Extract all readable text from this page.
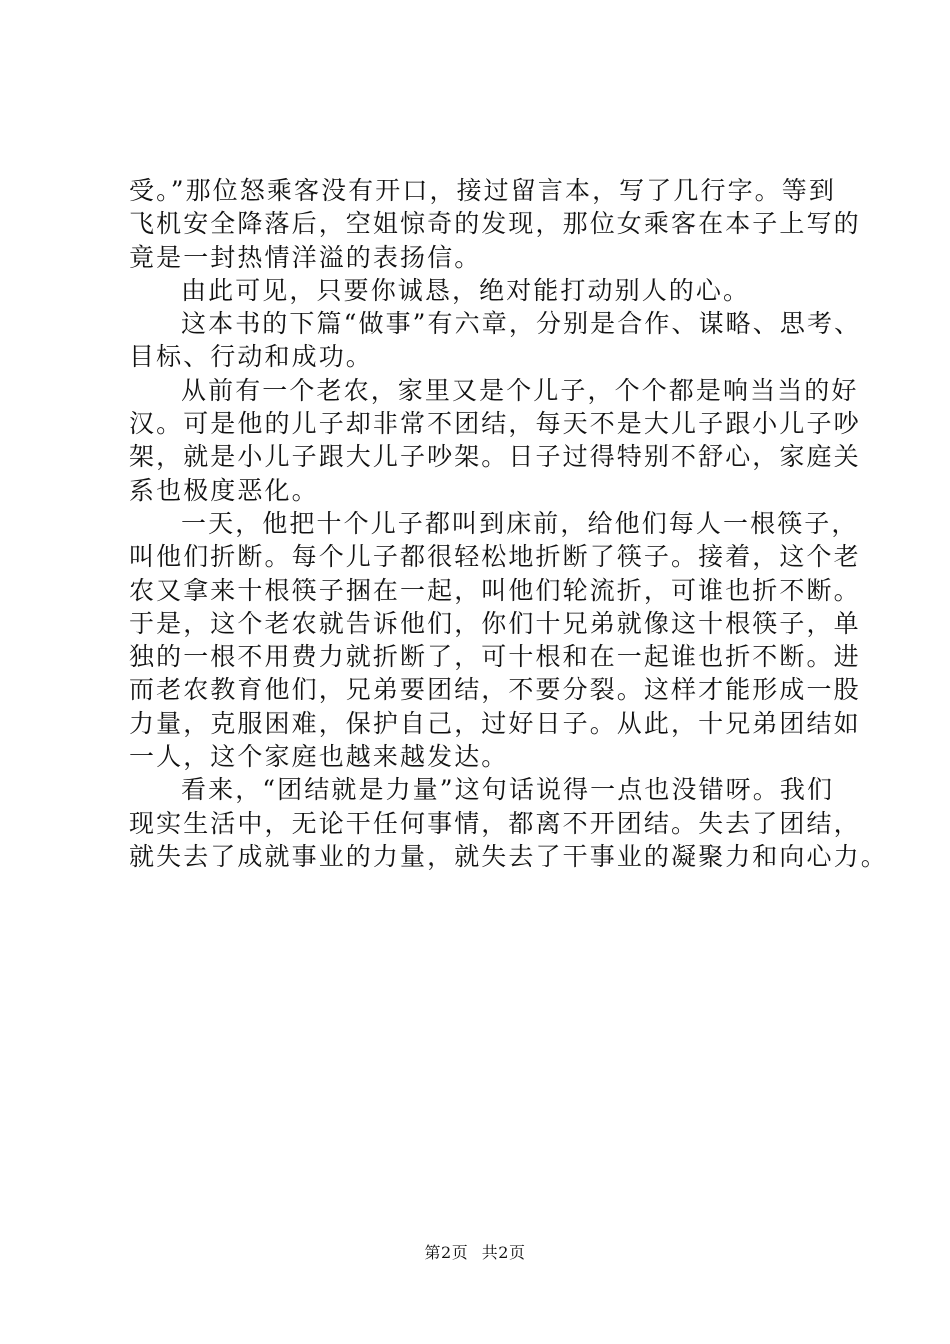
受。”那位怒乘客没有开口，接过留言本，写了几行字。等到
飞机安全降落后，空姐惊奇的发现，那位女乘客在本子上写的
竟是一封热情洋溢的表扬信。
由此可见，只要你诚恳，绝对能打动别人的心。
这本书的下篇“做事”有六章，分别是合作、谋略、思考、
目标、行动和成功。
从前有一个老农，家里又是个儿子，个个都是响当当的好
汉。可是他的儿子却非常不团结，每天不是大儿子跟小儿子吵
架，就是小儿子跟大儿子吵架。日子过得特别不舒心，家庭关
系也极度恶化。
一天，他把十个儿子都叫到床前，给他们每人一根筷子，
叫他们折断。每个儿子都很轻松地折断了筷子。接着，这个老
农又拿来十根筷子捆在一起，叫他们轮流折，可谁也折不断。
于是，这个老农就告诉他们，你们十兄弟就像这十根筷子，单
独的一根不用费力就折断了，可十根和在一起谁也折不断。进
而老农教育他们，兄弟要团结，不要分裂。这样才能形成一股
力量，克服困难，保护自己，过好日子。从此，十兄弟团结如
一人，这个家庭也越来越发达。
看来，“团结就是力量”这句话说得一点也没错呀。我们
现实生活中，无论干任何事情，都离不开团结。失去了团结，
就失去了成就事业的力量，就失去了干事业的凝聚力和向心力。
第2页 共2页
